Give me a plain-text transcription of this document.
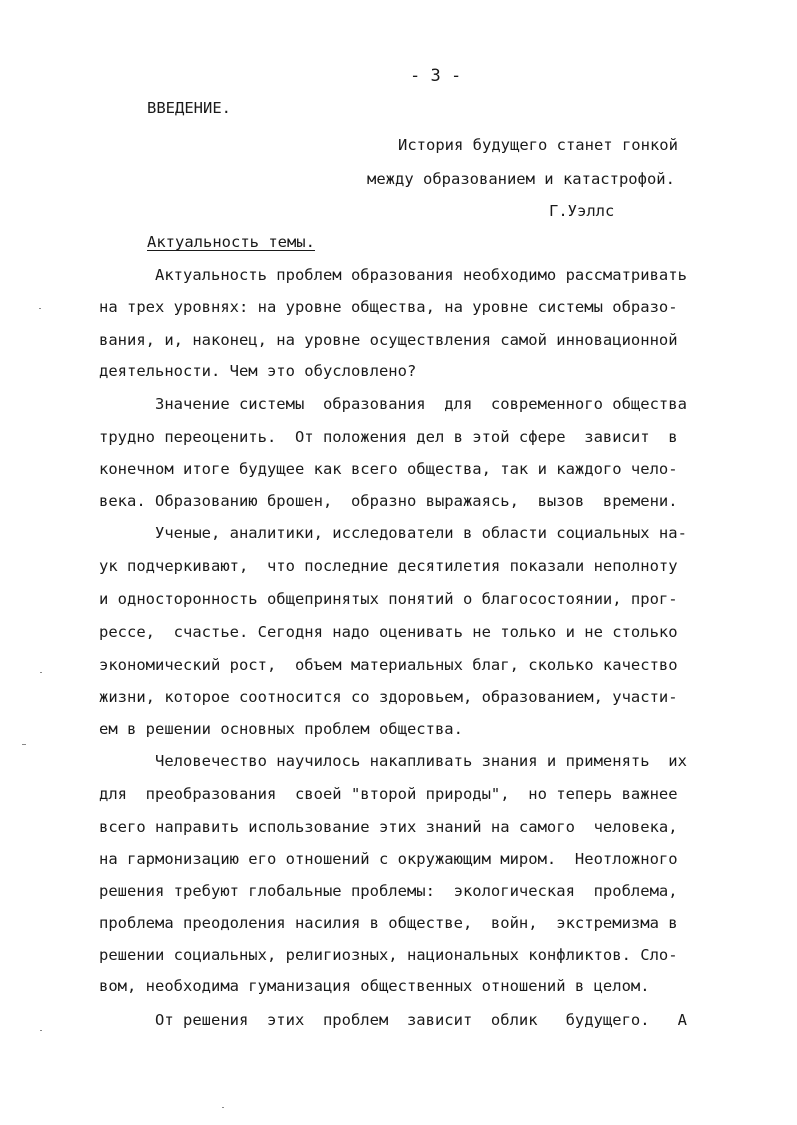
- 3 -
ВВЕДЕНИЕ.
История будущего станет гонкой
между образованием и катастрофой.
Г.Уэллс
Актуальность темы.
Актуальность проблем образования необходимо рассматривать
на трех уровнях: на уровне общества, на уровне системы образо-
вания, и, наконец, на уровне осуществления самой инновационной
деятельности. Чем это обусловлено?
Значение системы  образования  для  современного общества
трудно переоценить.  От положения дел в этой сфере  зависит  в
конечном итоге будущее как всего общества, так и каждого чело-
века. Образованию брошен,  образно выражаясь,  вызов  времени.
Ученые, аналитики, исследователи в области социальных на-
ук подчеркивают,  что последние десятилетия показали неполноту
и односторонность общепринятых понятий о благосостоянии, прог-
рессе,  счастье. Сегодня надо оценивать не только и не столько
экономический рост,  объем материальных благ, сколько качество
жизни, которое соотносится со здоровьем, образованием, участи-
ем в решении основных проблем общества.
Человечество научилось накапливать знания и применять  их
для  преобразования  своей "второй природы",  но теперь важнее
всего направить использование этих знаний на самого  человека,
на гармонизацию его отношений с окружающим миром.  Неотложного
решения требуют глобальные проблемы:  экологическая  проблема,
проблема преодоления насилия в обществе,  войн,  экстремизма в
решении социальных, религиозных, национальных конфликтов. Сло-
вом, необходима гуманизация общественных отношений в целом.
От решения  этих  проблем  зависит  облик   будущего.   А
